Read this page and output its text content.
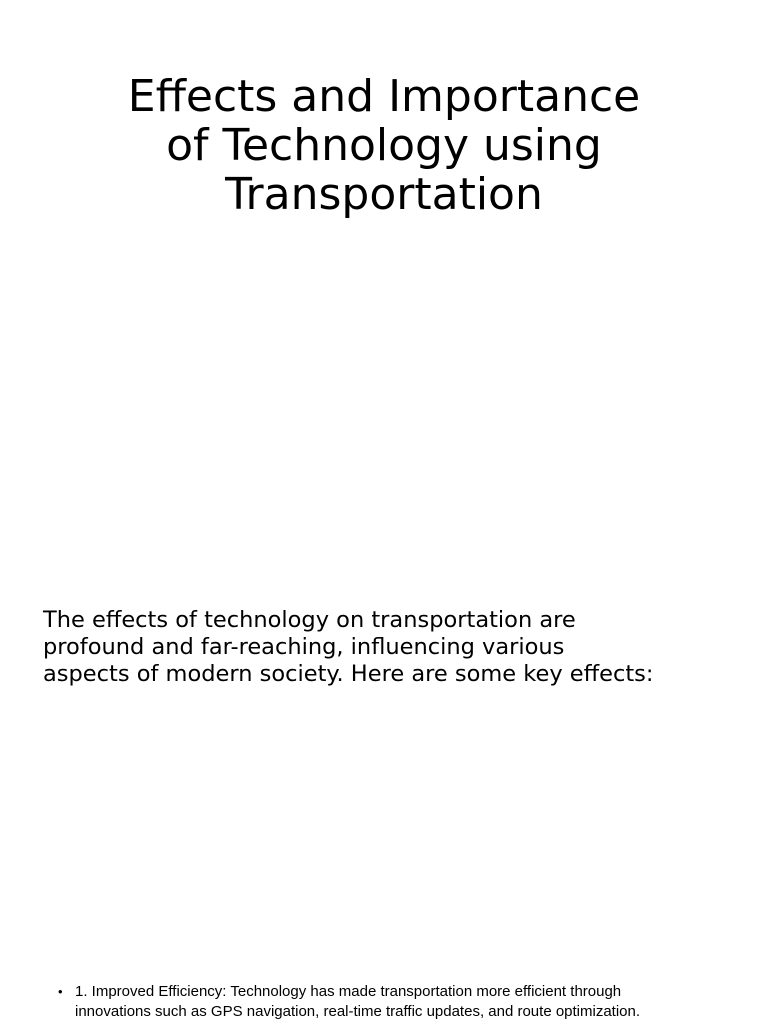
Effects and Importance
of Technology using
Transportation

The effects of technology on transportation are
profound and far-reaching, influencing various
aspects of modern society. Here are some key effects:

• 1. Improved Efficiency: Technology has made transportation more efficient through
innovations such as GPS navigation, real-time traffic updates, and route optimization.
